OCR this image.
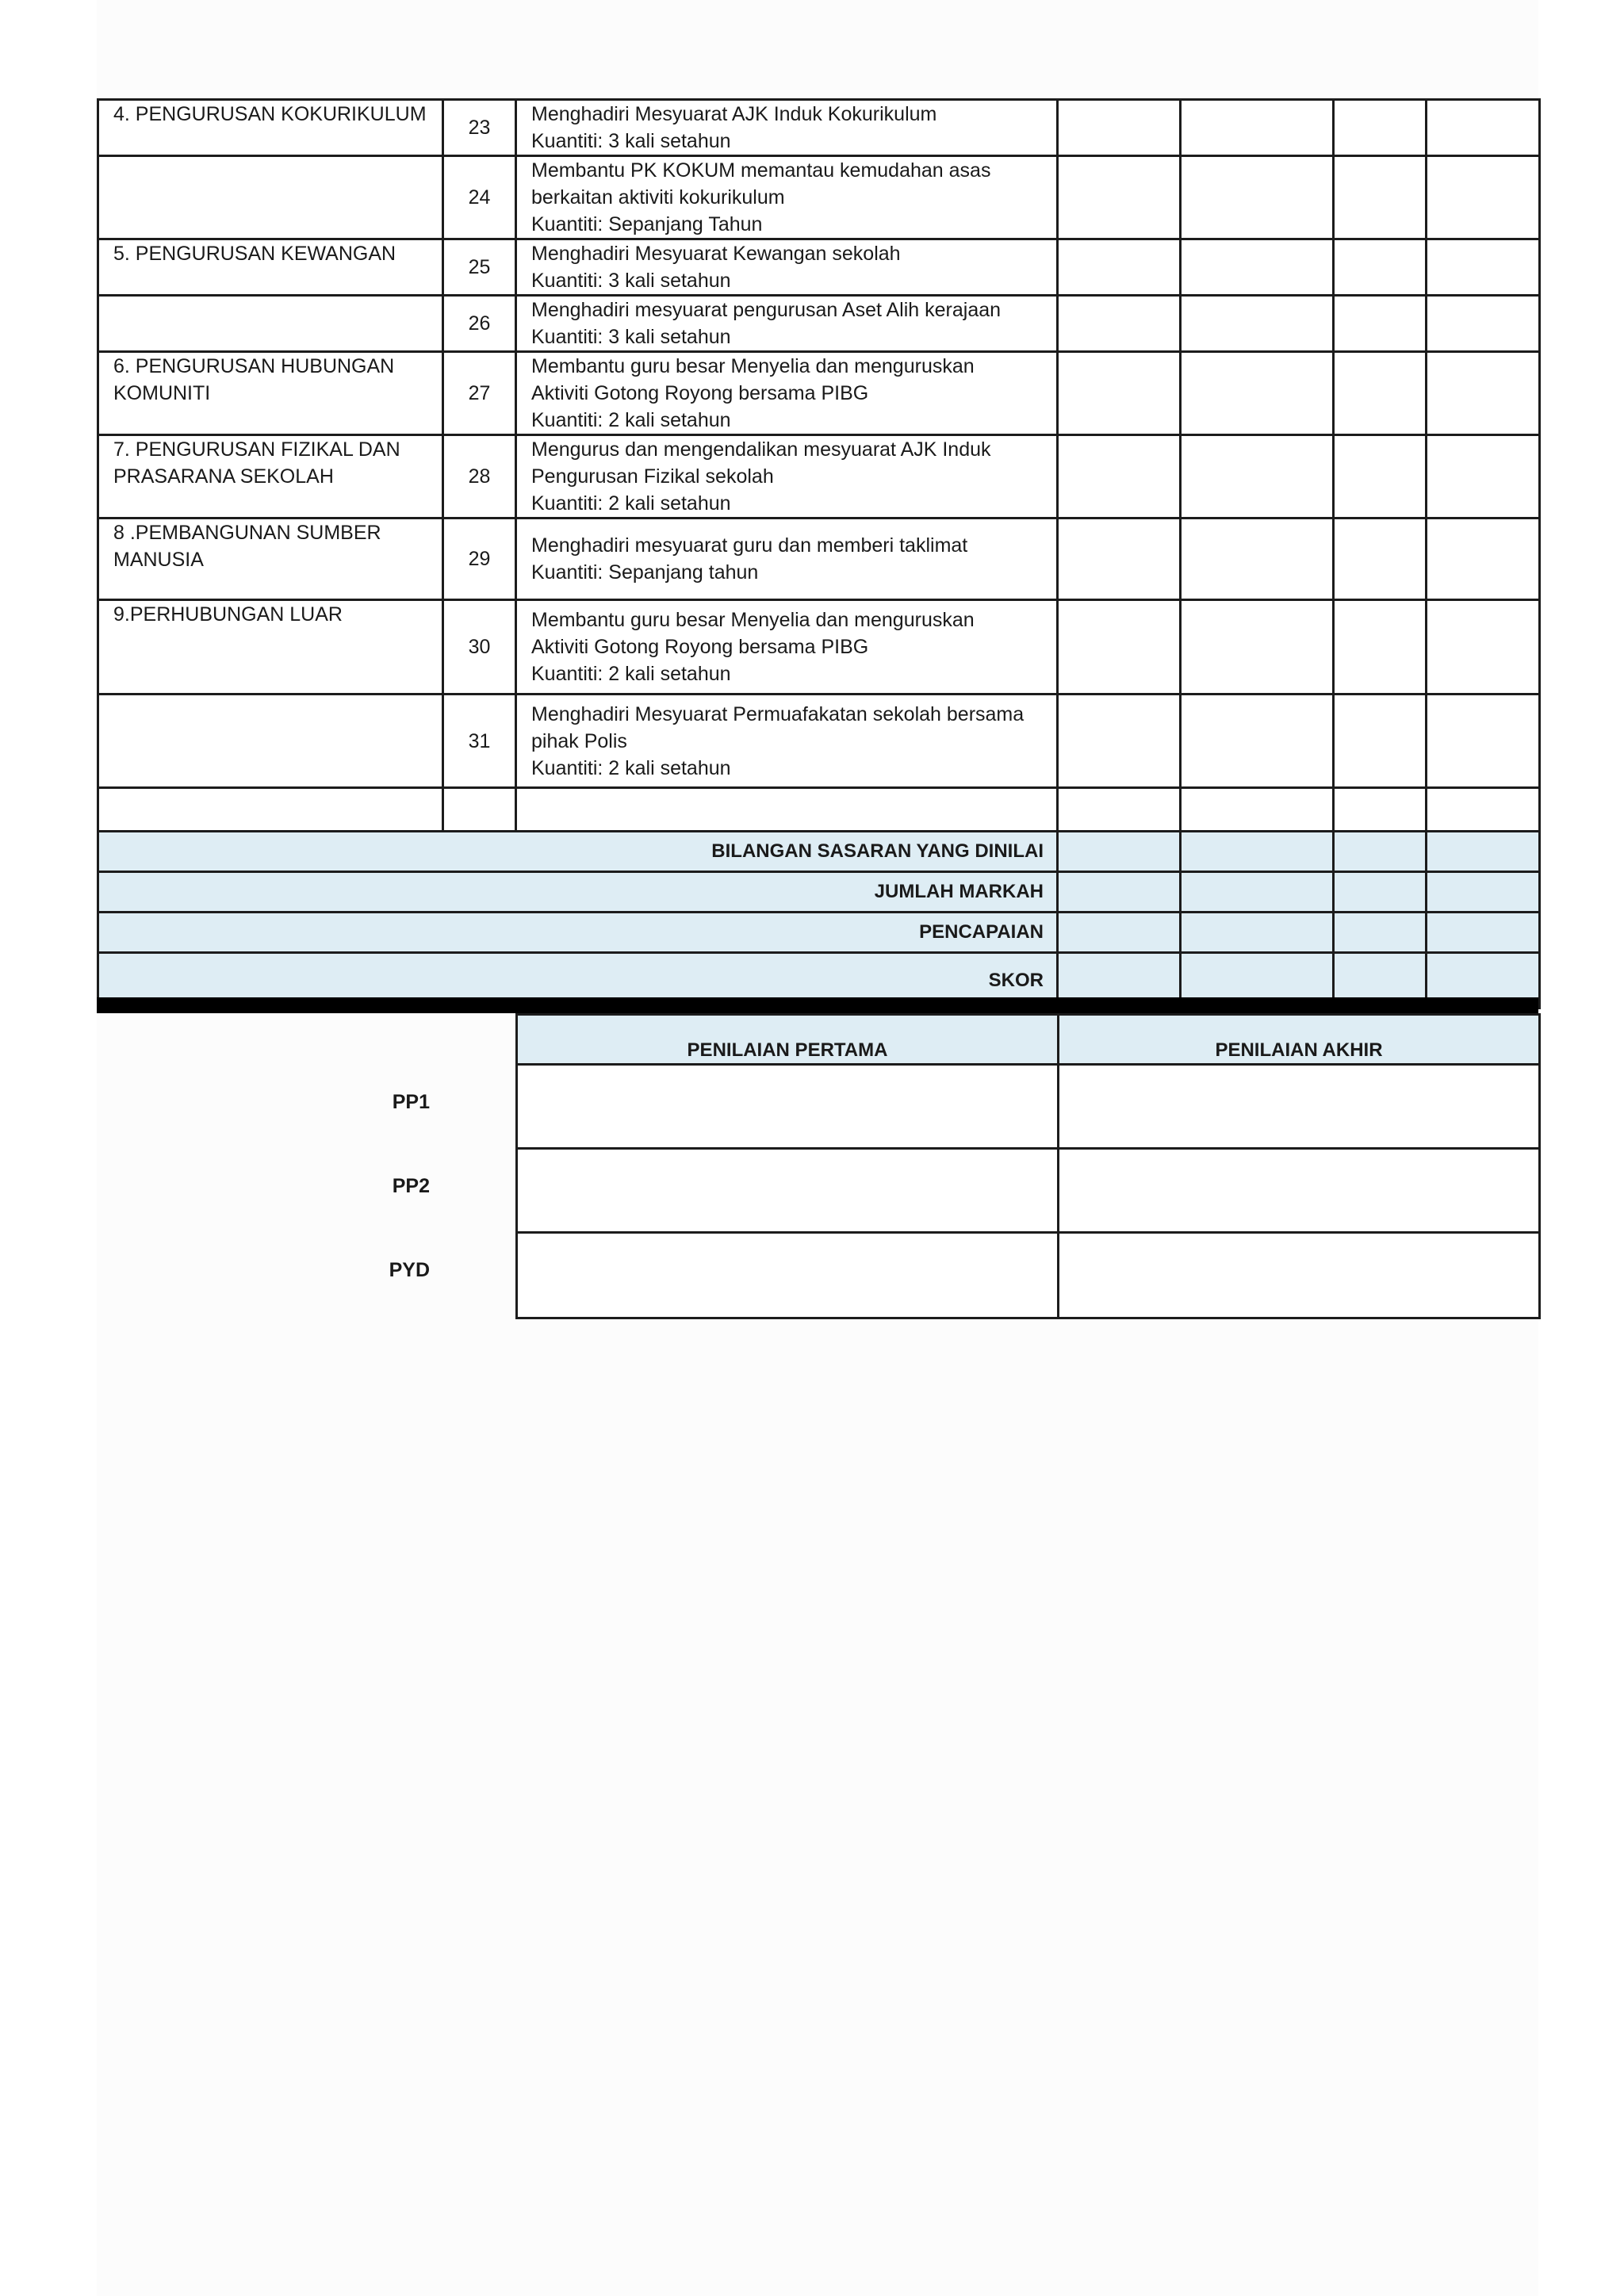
4. PENGURUSAN KOKURIKULUM	23	Menghadiri Mesyuarat AJK Induk Kokurikulum
Kuantiti: 3 kali setahun				

	24	Membantu PK KOKUM memantau kemudahan asas
berkaitan aktiviti kokurikulum
Kuantiti: Sepanjang Tahun				

5. PENGURUSAN KEWANGAN	25	Menghadiri Mesyuarat Kewangan sekolah
Kuantiti: 3 kali setahun				

	26	Menghadiri mesyuarat pengurusan Aset Alih kerajaan
Kuantiti: 3 kali setahun				

6. PENGURUSAN HUBUNGAN KOMUNITI	27	Membantu guru besar Menyelia dan menguruskan
Aktiviti Gotong Royong bersama PIBG
Kuantiti: 2 kali setahun				

7. PENGURUSAN FIZIKAL DAN PRASARANA SEKOLAH	28	Mengurus dan mengendalikan mesyuarat AJK Induk
Pengurusan Fizikal sekolah
Kuantiti: 2 kali setahun				

8 .PEMBANGUNAN SUMBER MANUSIA	29	Menghadiri mesyuarat guru dan memberi taklimat
Kuantiti: Sepanjang tahun				

9.PERHUBUNGAN LUAR	30	Membantu guru besar Menyelia dan menguruskan
Aktiviti Gotong Royong bersama PIBG
Kuantiti: 2 kali setahun				

	31	Menghadiri Mesyuarat Permuafakatan sekolah bersama
pihak Polis
Kuantiti: 2 kali setahun				

BILANGAN SASARAN YANG DINILAI						
JUMLAH MARKAH						
PENCAPAIAN						
SKOR						
PP1
PP2
PYD
PENILAIAN PERTAMA	PENILAIAN AKHIR
